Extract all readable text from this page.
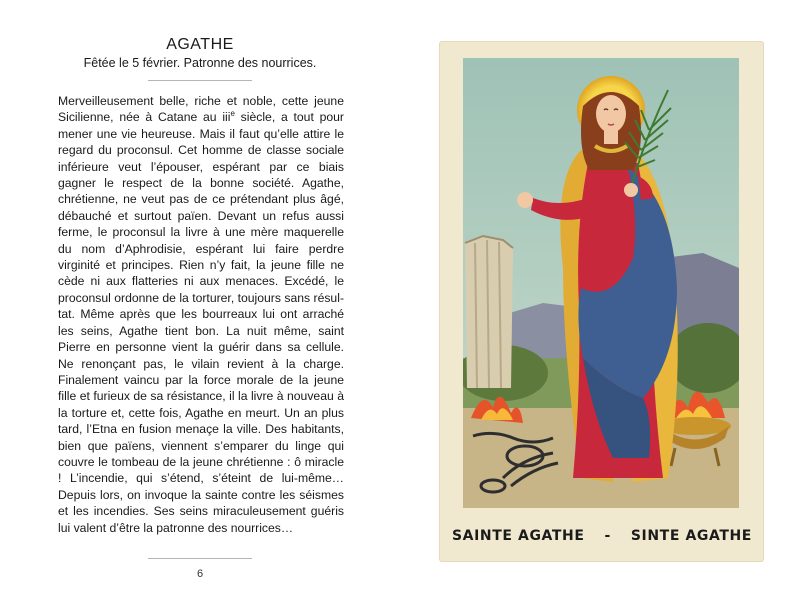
AGATHE

Fêtée le 5 février. Patronne des nourrices.

Merveilleusement belle, riche et noble, cette jeune Sicilienne, née à Catane au iii$^e$ siècle, a tout pour mener une vie heureuse. Mais il faut qu’elle attire le regard du proconsul. Cet homme de classe sociale inférieure veut l’épouser, espérant par ce biais gagner le respect de la bonne société. Agathe, chrétienne, ne veut pas de ce prétendant plus âgé, débauché et surtout païen. Devant un refus aussi ferme, le proconsul la livre à une mère maquerelle du nom d’Aphrodisie, espérant lui faire perdre virginité et principes. Rien n’y fait, la jeune fille ne cède ni aux flatteries ni aux menaces. Excédé, le proconsul ordonne de la torturer, toujours sans résultat. Même après que les bourreaux lui ont arraché les seins, Agathe tient bon. La nuit même, saint Pierre en personne vient la guérir dans sa cellule. Ne renonçant pas, le vilain revient à la charge. Finalement vaincu par la force morale de la jeune fille et furieux de sa résistance, il la livre à nouveau à la torture et, cette fois, Agathe en meurt. Un an plus tard, l’Etna en fusion menaçe la ville. Des habitants, bien que païens, viennent s’emparer du linge qui couvre le tombeau de la jeune chrétienne : ô miracle ! L’incendie, qui s’étend, s’éteint de lui-même… Depuis lors, on invoque la sainte contre les séismes et les incendies. Ses seins miraculeusement guéris lui valent d’être la patronne des nourrices…

6
SAINTE AGATHE	-	SINTE AGATHE
